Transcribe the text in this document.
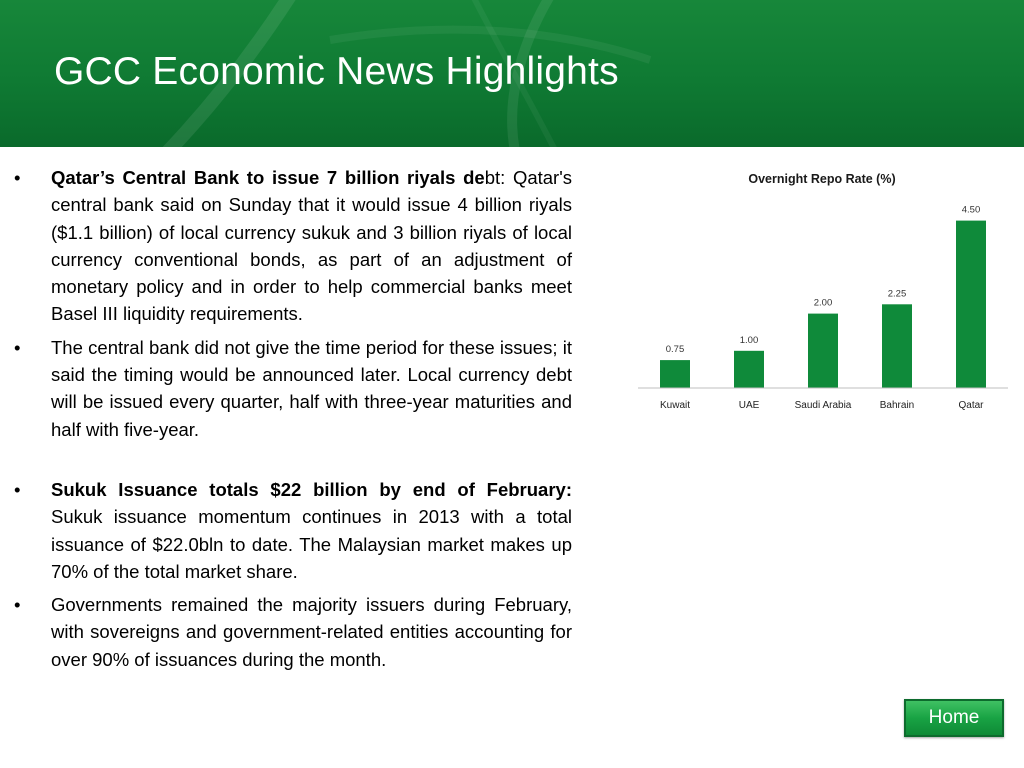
GCC Economic News Highlights
•	Qatar’s Central Bank to issue 7 billion riyals debt: Qatar's central bank said on Sunday that it would issue 4 billion riyals ($1.1 billion) of local currency sukuk and 3 billion riyals of local currency conventional bonds, as part of an adjustment of monetary policy and in order to help commercial banks meet Basel III liquidity requirements.
•	The central bank did not give the time period for these issues; it said the timing would be announced later. Local currency debt will be issued every quarter, half with three-year maturities and half with five-year.
•	Sukuk Issuance totals $22 billion by end of February: Sukuk issuance momentum continues in 2013 with a total issuance of $22.0bln to date. The Malaysian market makes up 70% of the total market share.
•	Governments remained the majority issuers during February, with sovereigns and government-related entities accounting for over 90% of issuances during the month.
Overnight Repo Rate (%)
0.75
Kuwait
1.00
UAE
2.00
Saudi Arabia
2.25
Bahrain
4.50
Qatar
Home
